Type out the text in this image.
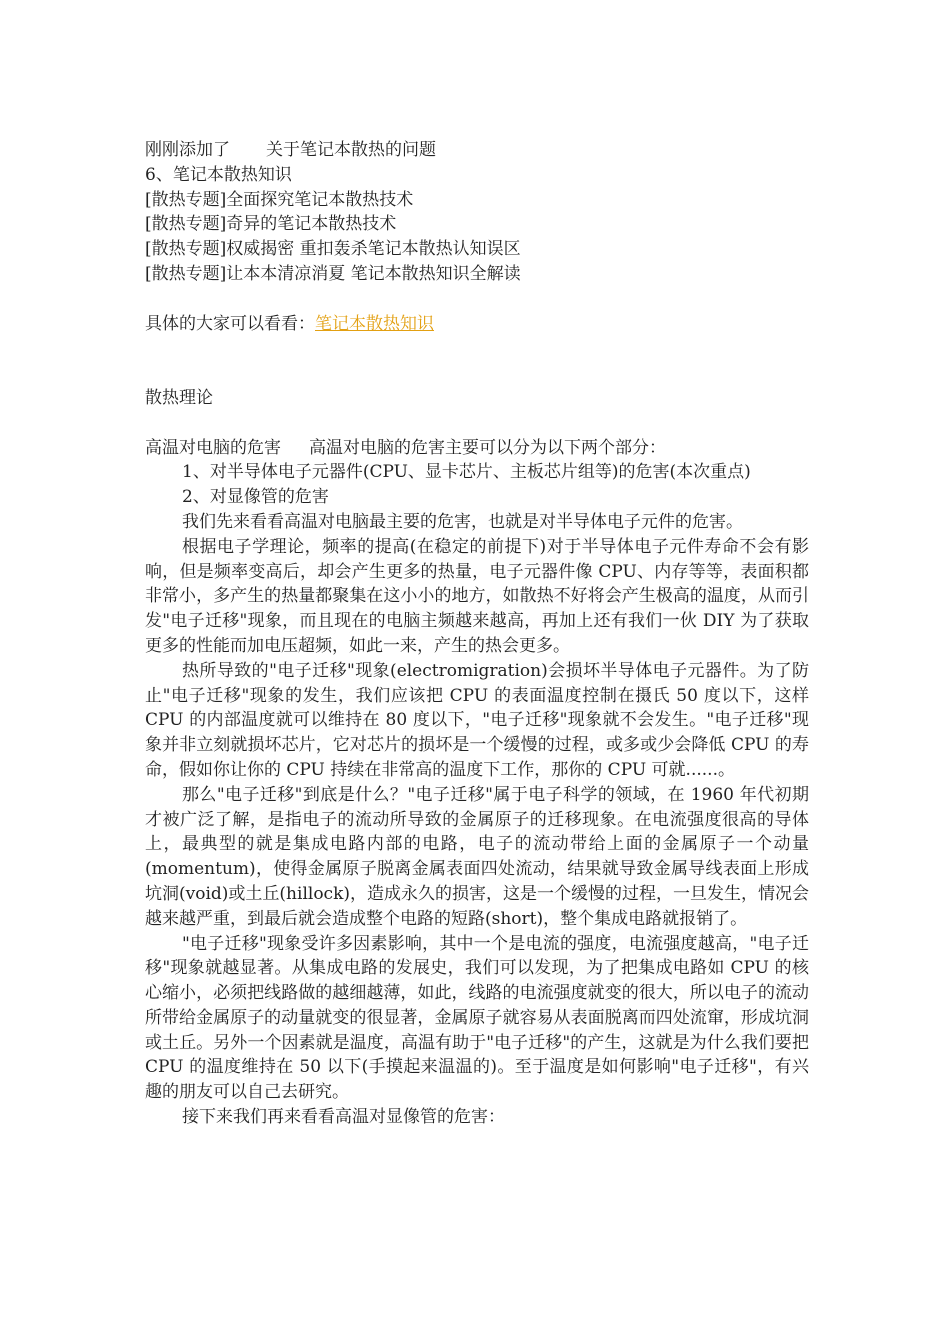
刚刚添加了 关于笔记本散热的问题
6、笔记本散热知识
[散热专题]全面探究笔记本散热技术
[散热专题]奇异的笔记本散热技术
[散热专题]权威揭密 重扣轰杀笔记本散热认知误区
[散热专题]让本本清凉消夏 笔记本散热知识全解读
具体的大家可以看看：笔记本散热知识
散热理论
高温对电脑的危害 高温对电脑的危害主要可以分为以下两个部分：
1、对半导体电子元器件(CPU、显卡芯片、主板芯片组等)的危害(本次重点)
2、对显像管的危害

我们先来看看高温对电脑最主要的危害，也就是对半导体电子元件的危害。

根据电子学理论，频率的提高(在稳定的前提下)对于半导体电子元件寿命不会有影响，但是频率变高后，却会产生更多的热量，电子元器件像 CPU、内存等等，表面积都非常小，多产生的热量都聚集在这小小的地方，如散热不好将会产生极高的温度，从而引发"电子迁移"现象，而且现在的电脑主频越来越高，再加上还有我们一伙 DIY 为了获取更多的性能而加电压超频，如此一来，产生的热会更多。

热所导致的"电子迁移"现象(electromigration)会损坏半导体电子元器件。为了防止"电子迁移"现象的发生，我们应该把 CPU 的表面温度控制在摄氏 50 度以下，这样 CPU 的内部温度就可以维持在 80 度以下，"电子迁移"现象就不会发生。"电子迁移"现象并非立刻就损坏芯片，它对芯片的损坏是一个缓慢的过程，或多或少会降低 CPU 的寿命，假如你让你的 CPU 持续在非常高的温度下工作，那你的 CPU 可就......。

那么"电子迁移"到底是什么？"电子迁移"属于电子科学的领域，在 1960 年代初期才被广泛了解，是指电子的流动所导致的金属原子的迁移现象。在电流强度很高的导体上，最典型的就是集成电路内部的电路，电子的流动带给上面的金属原子一个动量(momentum)，使得金属原子脱离金属表面四处流动，结果就导致金属导线表面上形成坑洞(void)或土丘(hillock)，造成永久的损害，这是一个缓慢的过程，一旦发生，情况会越来越严重，到最后就会造成整个电路的短路(short)，整个集成电路就报销了。

"电子迁移"现象受许多因素影响，其中一个是电流的强度，电流强度越高，"电子迁移"现象就越显著。从集成电路的发展史，我们可以发现，为了把集成电路如 CPU 的核心缩小，必须把线路做的越细越薄，如此，线路的电流强度就变的很大，所以电子的流动所带给金属原子的动量就变的很显著，金属原子就容易从表面脱离而四处流窜，形成坑洞或土丘。另外一个因素就是温度，高温有助于"电子迁移"的产生，这就是为什么我们要把 CPU 的温度维持在 50 以下(手摸起来温温的)。至于温度是如何影响"电子迁移"，有兴趣的朋友可以自己去研究。

接下来我们再来看看高温对显像管的危害：
